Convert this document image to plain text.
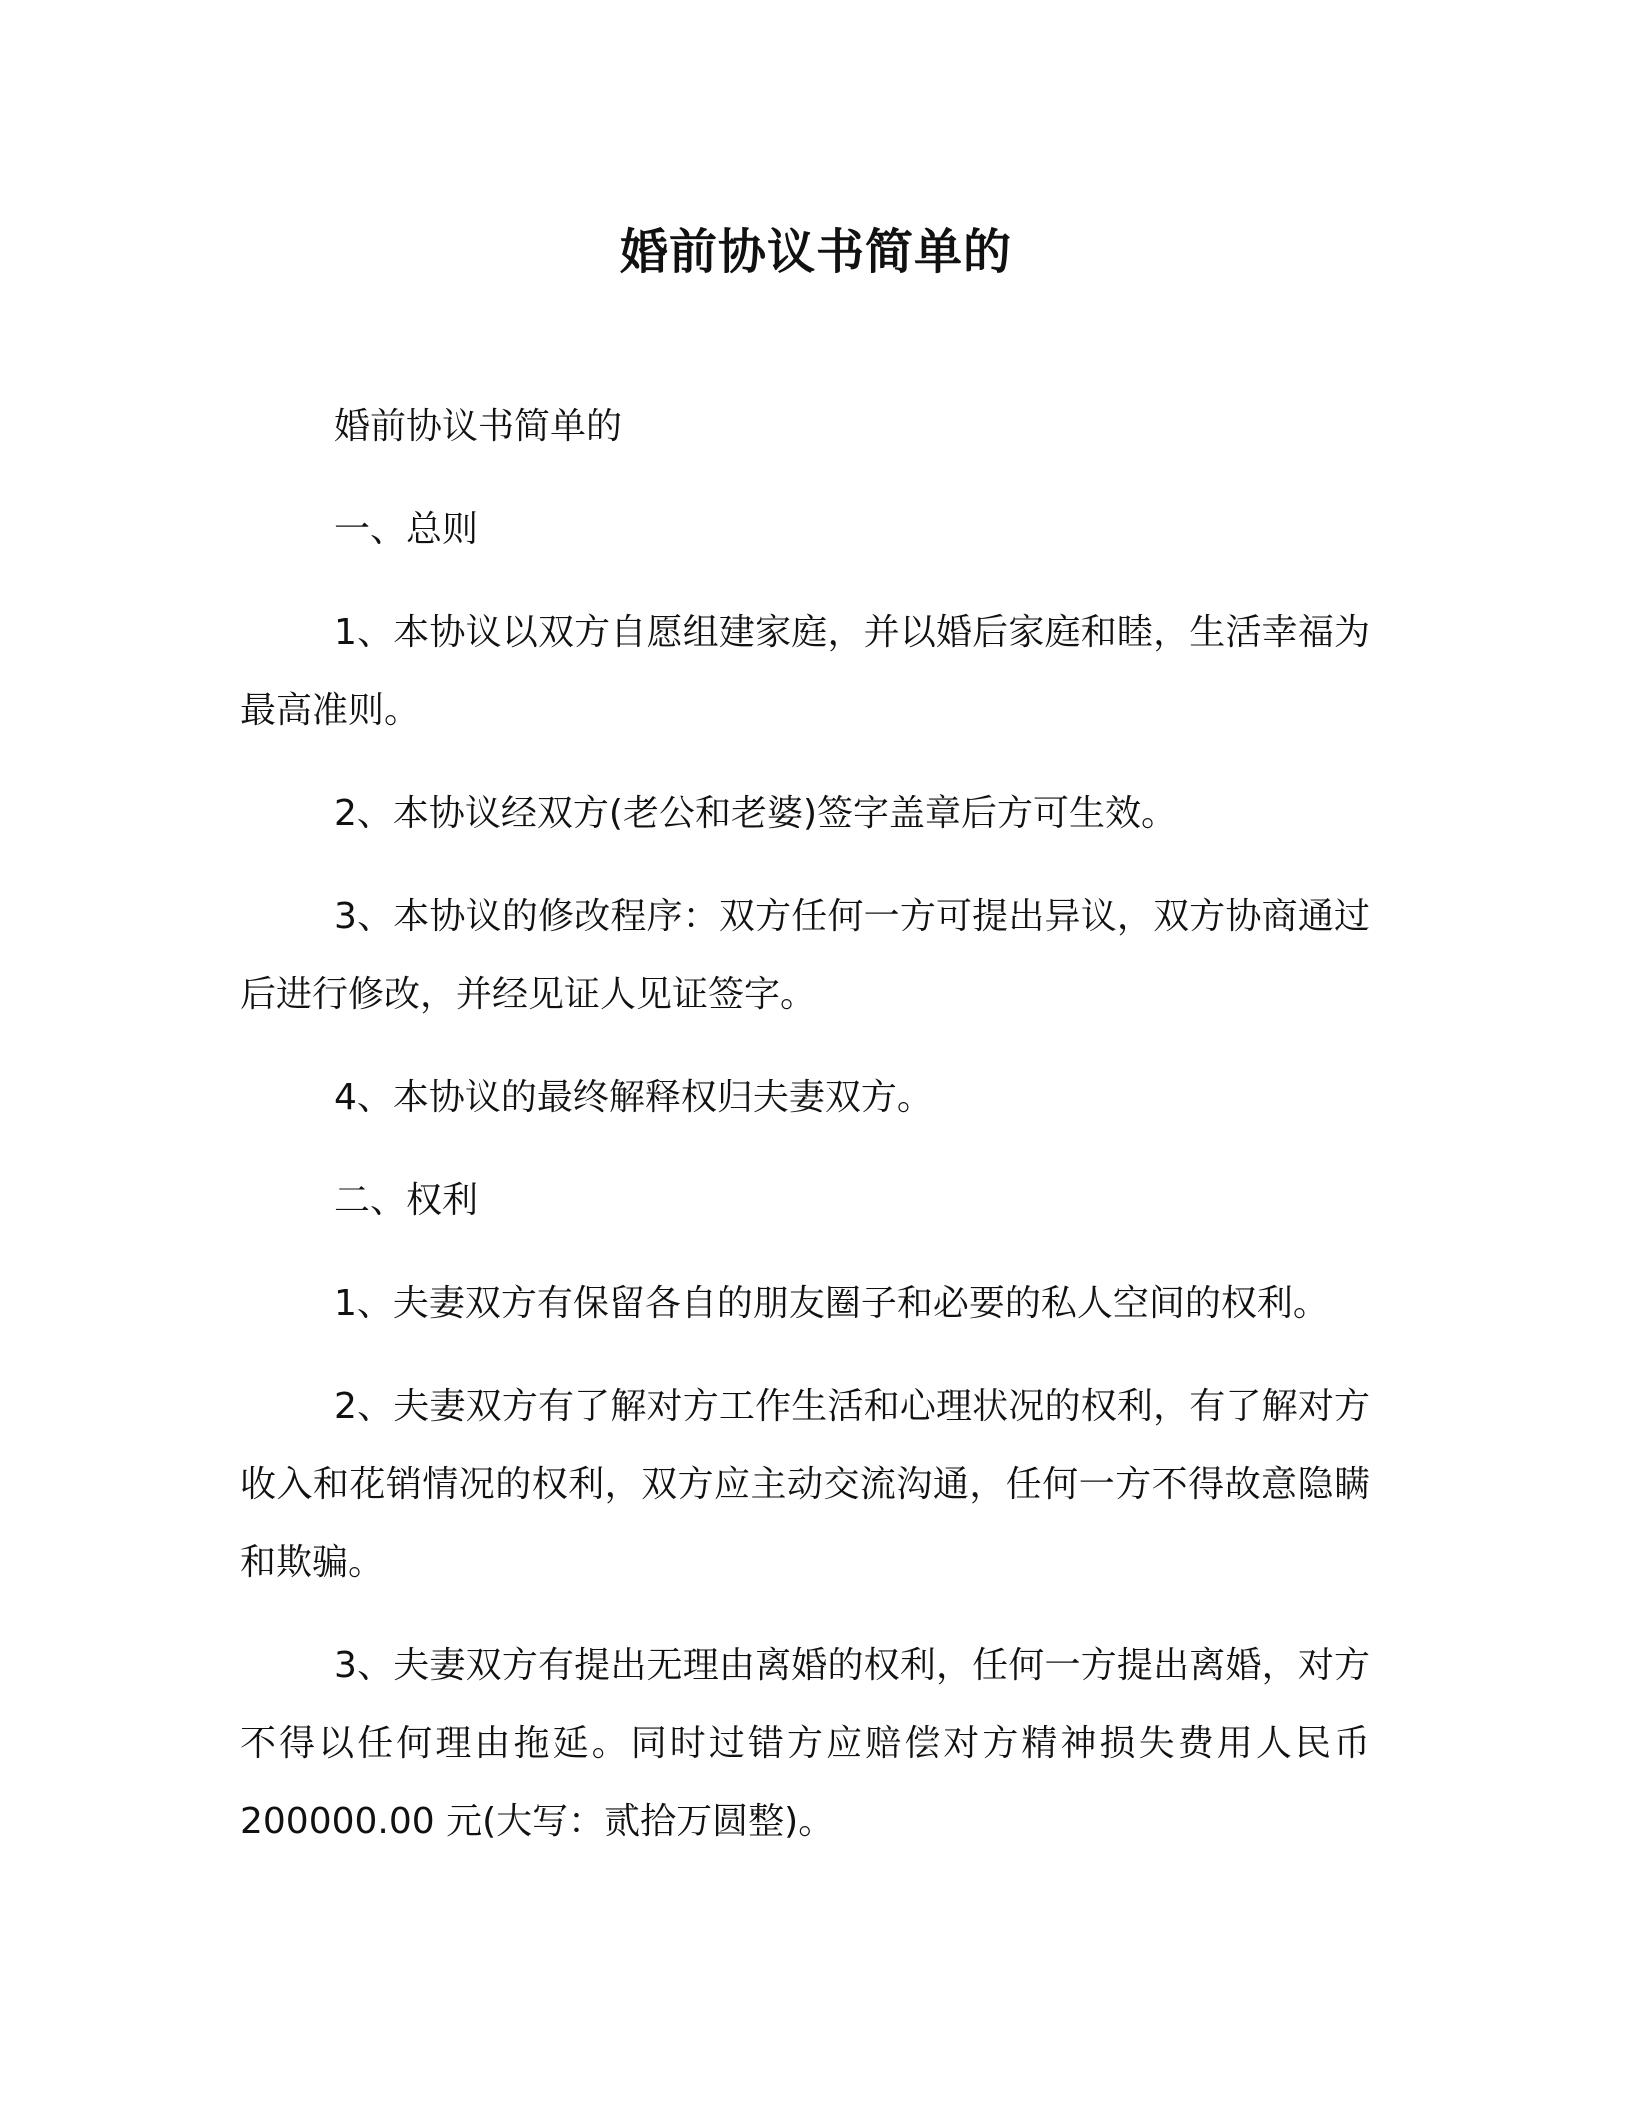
婚前协议书简单的

婚前协议书简单的

一、总则

1、本协议以双方自愿组建家庭，并以婚后家庭和睦，生活幸福为最高准则。

2、本协议经双方(老公和老婆)签字盖章后方可生效。

3、本协议的修改程序：双方任何一方可提出异议，双方协商通过后进行修改，并经见证人见证签字。

4、本协议的最终解释权归夫妻双方。

二、权利

1、夫妻双方有保留各自的朋友圈子和必要的私人空间的权利。

2、夫妻双方有了解对方工作生活和心理状况的权利，有了解对方收入和花销情况的权利，双方应主动交流沟通，任何一方不得故意隐瞒和欺骗。

3、夫妻双方有提出无理由离婚的权利，任何一方提出离婚，对方不得以任何理由拖延。同时过错方应赔偿对方精神损失费用人民币200000.00 元(大写：贰拾万圆整)。
